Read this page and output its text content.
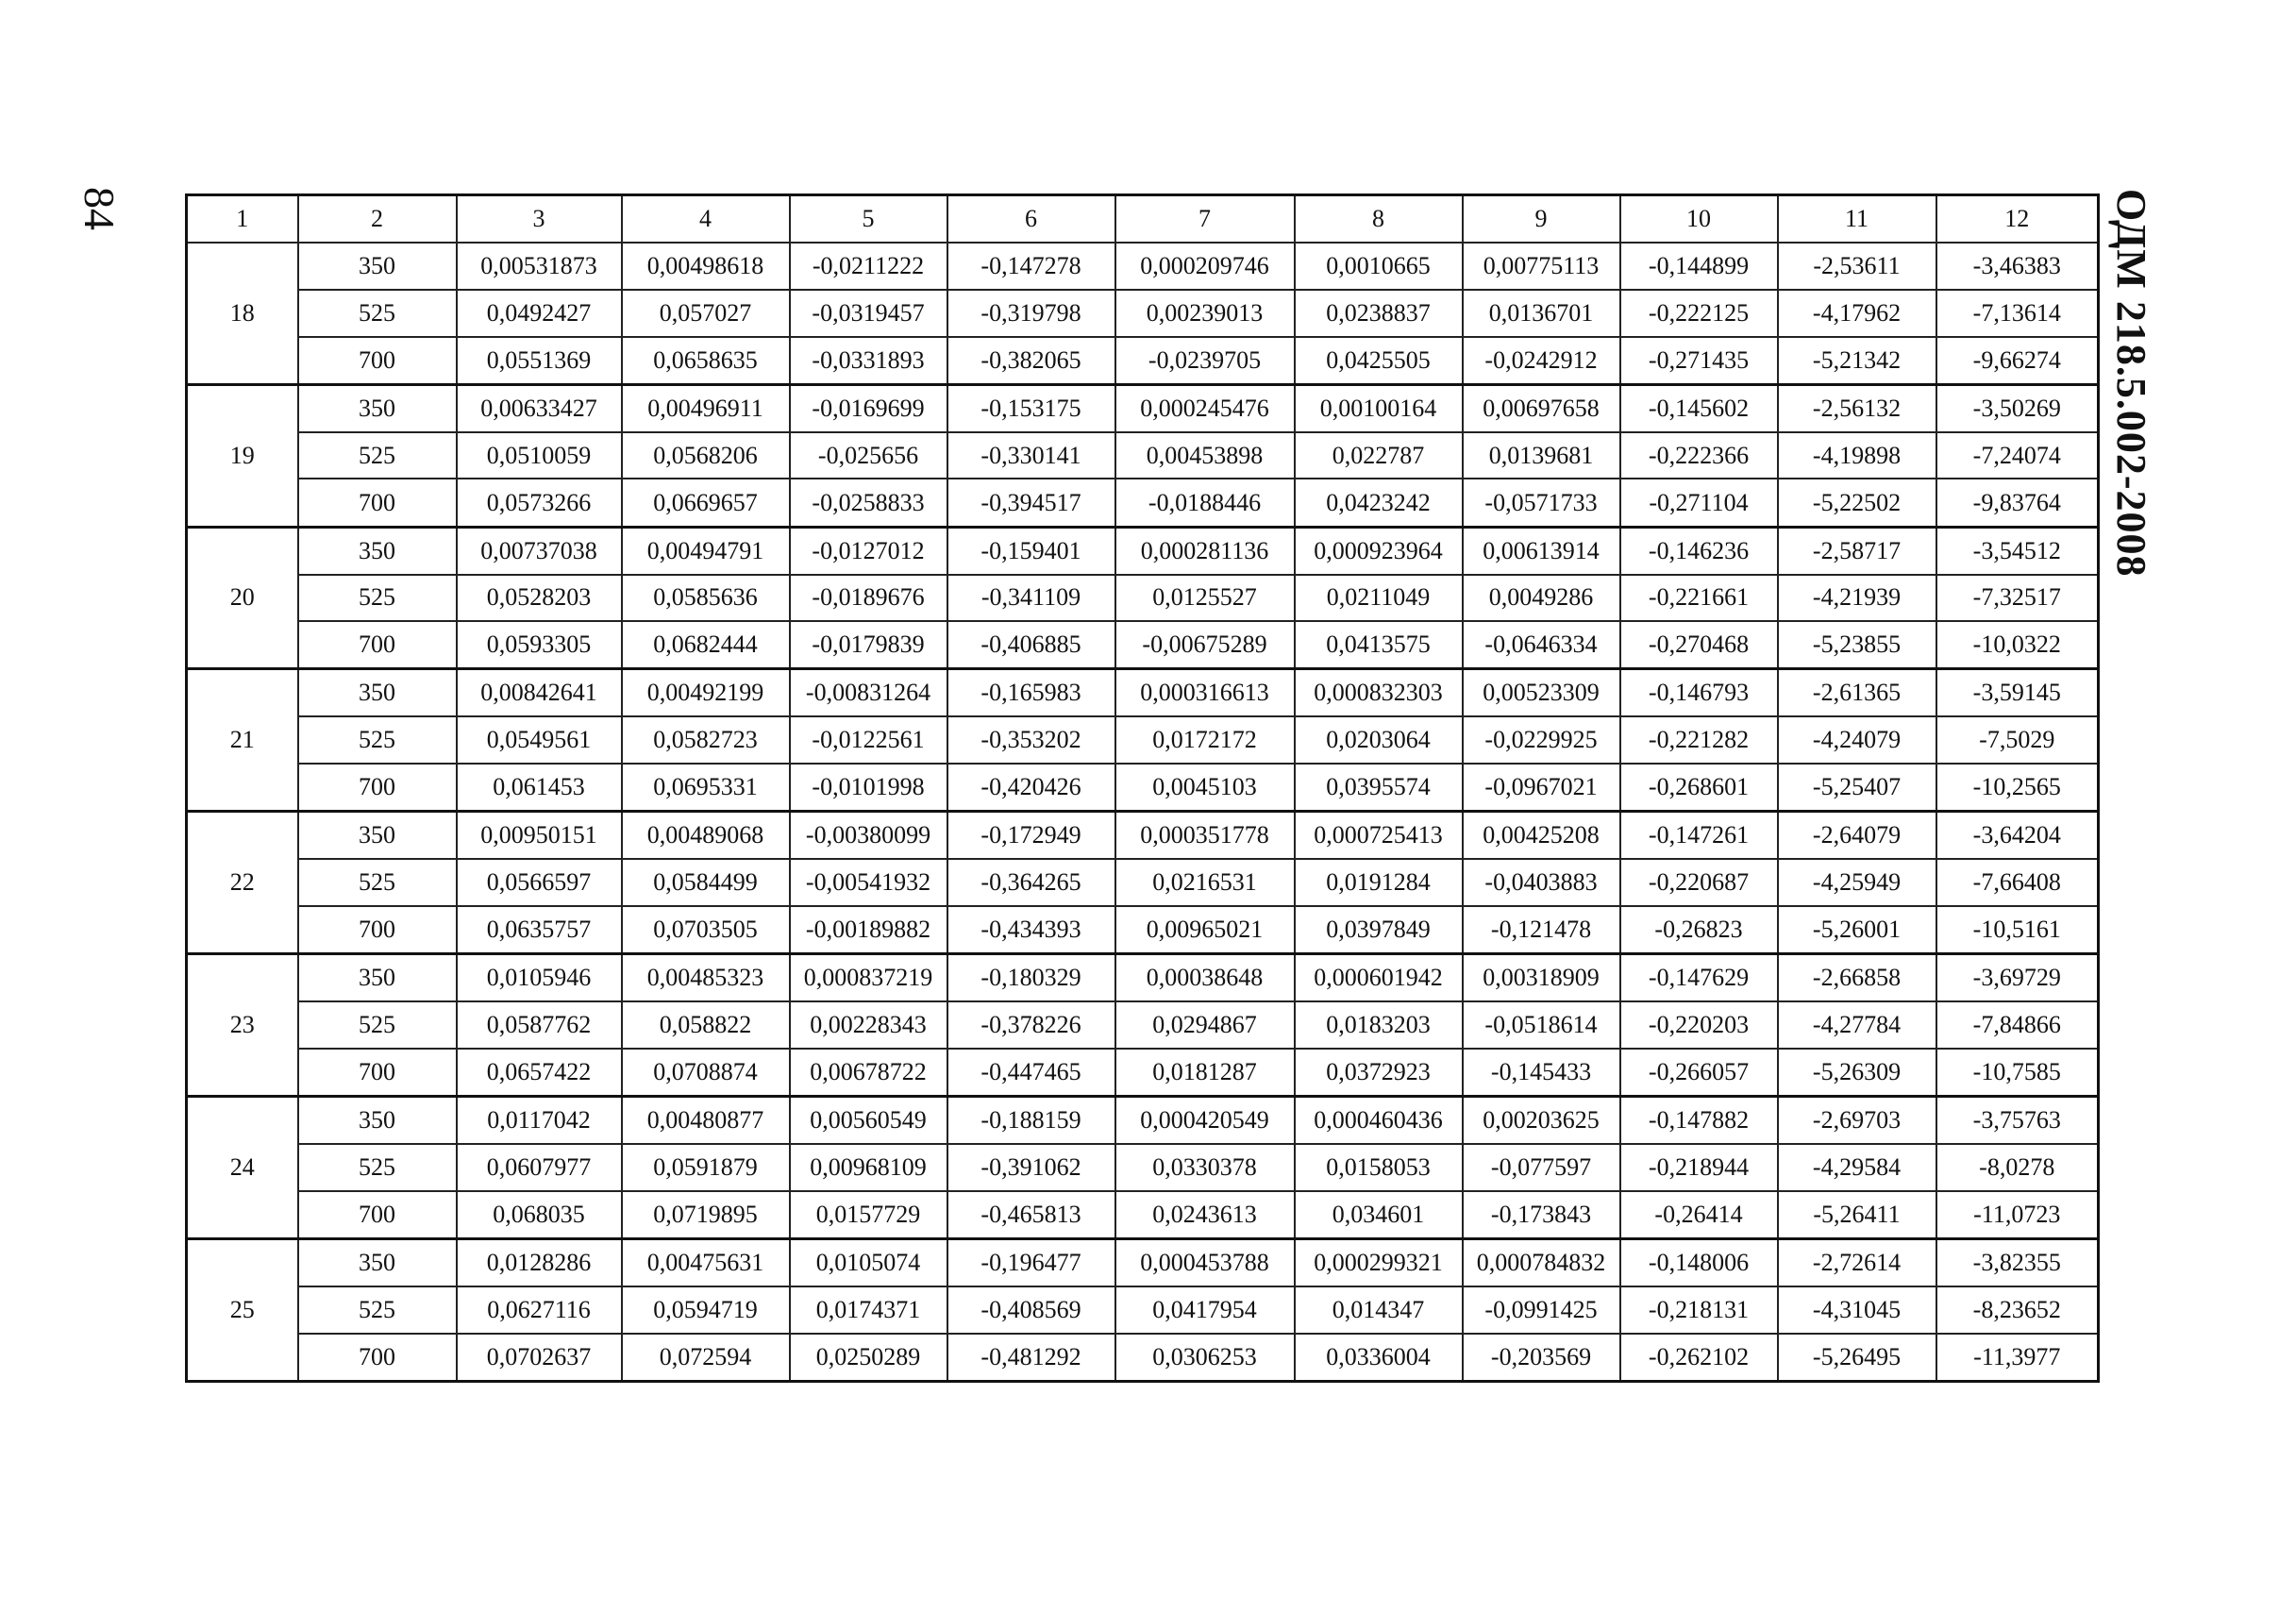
84	ОДМ 218.5.002-2008
1	2	3	4	5	6	7	8	9	10	11	12
18	350	0,00531873	0,00498618	-0,0211222	-0,147278	0,000209746	0,0010665	0,00775113	-0,144899	-2,53611	-3,46383
	525	0,0492427	0,057027	-0,0319457	-0,319798	0,00239013	0,0238837	0,0136701	-0,222125	-4,17962	-7,13614
	700	0,0551369	0,0658635	-0,0331893	-0,382065	-0,0239705	0,0425505	-0,0242912	-0,271435	-5,21342	-9,66274
19	350	0,00633427	0,00496911	-0,0169699	-0,153175	0,000245476	0,00100164	0,00697658	-0,145602	-2,56132	-3,50269
	525	0,0510059	0,0568206	-0,025656	-0,330141	0,00453898	0,022787	0,0139681	-0,222366	-4,19898	-7,24074
	700	0,0573266	0,0669657	-0,0258833	-0,394517	-0,0188446	0,0423242	-0,0571733	-0,271104	-5,22502	-9,83764
20	350	0,00737038	0,00494791	-0,0127012	-0,159401	0,000281136	0,000923964	0,00613914	-0,146236	-2,58717	-3,54512
	525	0,0528203	0,0585636	-0,0189676	-0,341109	0,0125527	0,0211049	0,0049286	-0,221661	-4,21939	-7,32517
	700	0,0593305	0,0682444	-0,0179839	-0,406885	-0,00675289	0,0413575	-0,0646334	-0,270468	-5,23855	-10,0322
21	350	0,00842641	0,00492199	-0,00831264	-0,165983	0,000316613	0,000832303	0,00523309	-0,146793	-2,61365	-3,59145
	525	0,0549561	0,0582723	-0,0122561	-0,353202	0,0172172	0,0203064	-0,0229925	-0,221282	-4,24079	-7,5029
	700	0,061453	0,0695331	-0,0101998	-0,420426	0,0045103	0,0395574	-0,0967021	-0,268601	-5,25407	-10,2565
22	350	0,00950151	0,00489068	-0,00380099	-0,172949	0,000351778	0,000725413	0,00425208	-0,147261	-2,64079	-3,64204
	525	0,0566597	0,0584499	-0,00541932	-0,364265	0,0216531	0,0191284	-0,0403883	-0,220687	-4,25949	-7,66408
	700	0,0635757	0,0703505	-0,00189882	-0,434393	0,00965021	0,0397849	-0,121478	-0,26823	-5,26001	-10,5161
23	350	0,0105946	0,00485323	0,000837219	-0,180329	0,00038648	0,000601942	0,00318909	-0,147629	-2,66858	-3,69729
	525	0,0587762	0,058822	0,00228343	-0,378226	0,0294867	0,0183203	-0,0518614	-0,220203	-4,27784	-7,84866
	700	0,0657422	0,0708874	0,00678722	-0,447465	0,0181287	0,0372923	-0,145433	-0,266057	-5,26309	-10,7585
24	350	0,0117042	0,00480877	0,00560549	-0,188159	0,000420549	0,000460436	0,00203625	-0,147882	-2,69703	-3,75763
	525	0,0607977	0,0591879	0,00968109	-0,391062	0,0330378	0,0158053	-0,077597	-0,218944	-4,29584	-8,0278
	700	0,068035	0,0719895	0,0157729	-0,465813	0,0243613	0,034601	-0,173843	-0,26414	-5,26411	-11,0723
25	350	0,0128286	0,00475631	0,0105074	-0,196477	0,000453788	0,000299321	0,000784832	-0,148006	-2,72614	-3,82355
	525	0,0627116	0,0594719	0,0174371	-0,408569	0,0417954	0,014347	-0,0991425	-0,218131	-4,31045	-8,23652
	700	0,0702637	0,072594	0,0250289	-0,481292	0,0306253	0,0336004	-0,203569	-0,262102	-5,26495	-11,3977
